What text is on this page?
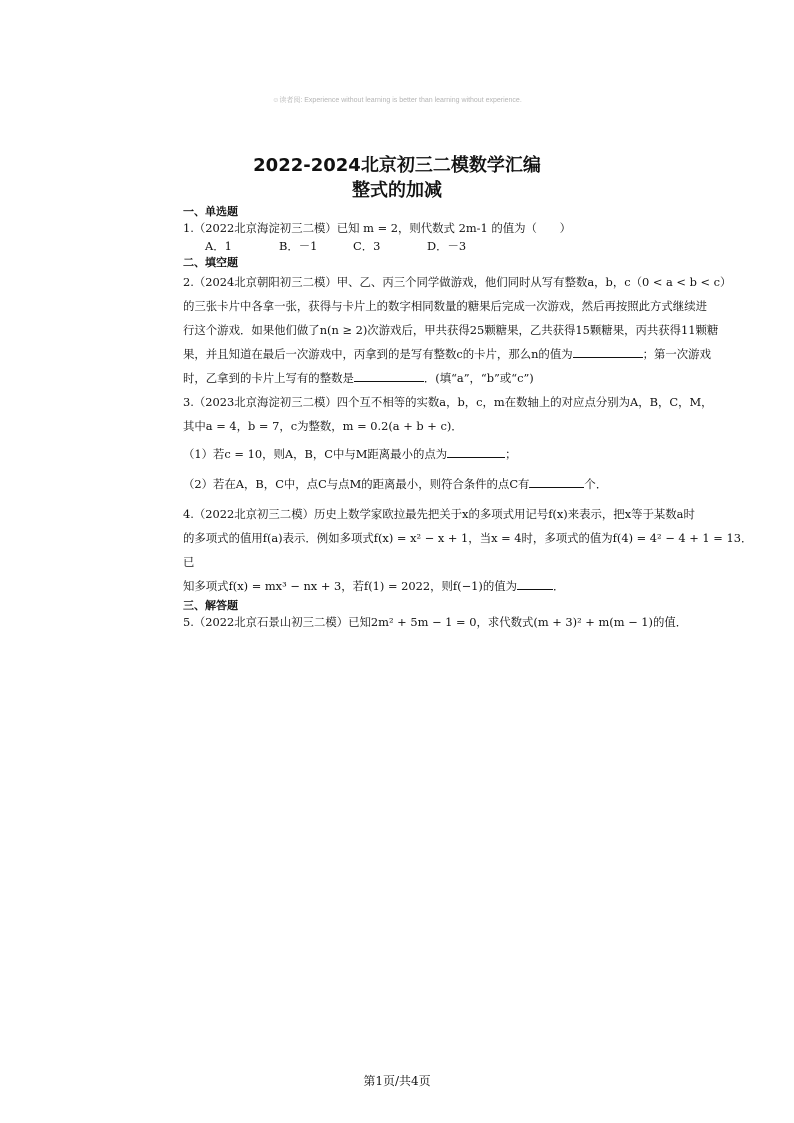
☺读者阅: Experience without learning is better than learning without experience.
2022-2024北京初三二模数学汇编
整式的加减
一、单选题
1.（2022北京海淀初三二模）已知 m = 2，则代数式 2m-1 的值为（　　）
A．1	B．－1	C．3	D．－3
二、填空题
2.（2024北京朝阳初三二模）甲、乙、丙三个同学做游戏，他们同时从写有整数a，b，c（0 < a < b < c）
的三张卡片中各拿一张，获得与卡片上的数字相同数量的糖果后完成一次游戏，然后再按照此方式继续进
行这个游戏．如果他们做了n(n ≥ 2)次游戏后，甲共获得25颗糖果，乙共获得15颗糖果，丙共获得11颗糖
果，并且知道在最后一次游戏中，丙拿到的是写有整数c的卡片，那么n的值为	；第一次游戏
时，乙拿到的卡片上写有的整数是	．(填“a”，“b”或“c”)
3.（2023北京海淀初三二模）四个互不相等的实数a，b，c，m在数轴上的对应点分别为A，B，C，M，
其中a = 4，b = 7，c为整数，m = 0.2(a + b + c)．
（1）若c = 10，则A，B，C中与M距离最小的点为	；
（2）若在A，B，C中，点C与点M的距离最小，则符合条件的点C有	个．
4.（2022北京初三二模）历史上数学家欧拉最先把关于x的多项式用记号f(x)来表示，把x等于某数a时
的多项式的值用f(a)表示．例如多项式f(x) = x² − x + 1，当x = 4时，多项式的值为f(4) = 4² − 4 + 1 = 13．已
知多项式f(x) = mx³ − nx + 3，若f(1) = 2022，则f(−1)的值为	．
三、解答题
5.（2022北京石景山初三二模）已知2m² + 5m − 1 = 0，求代数式(m + 3)² + m(m − 1)的值．
第1页/共4页
